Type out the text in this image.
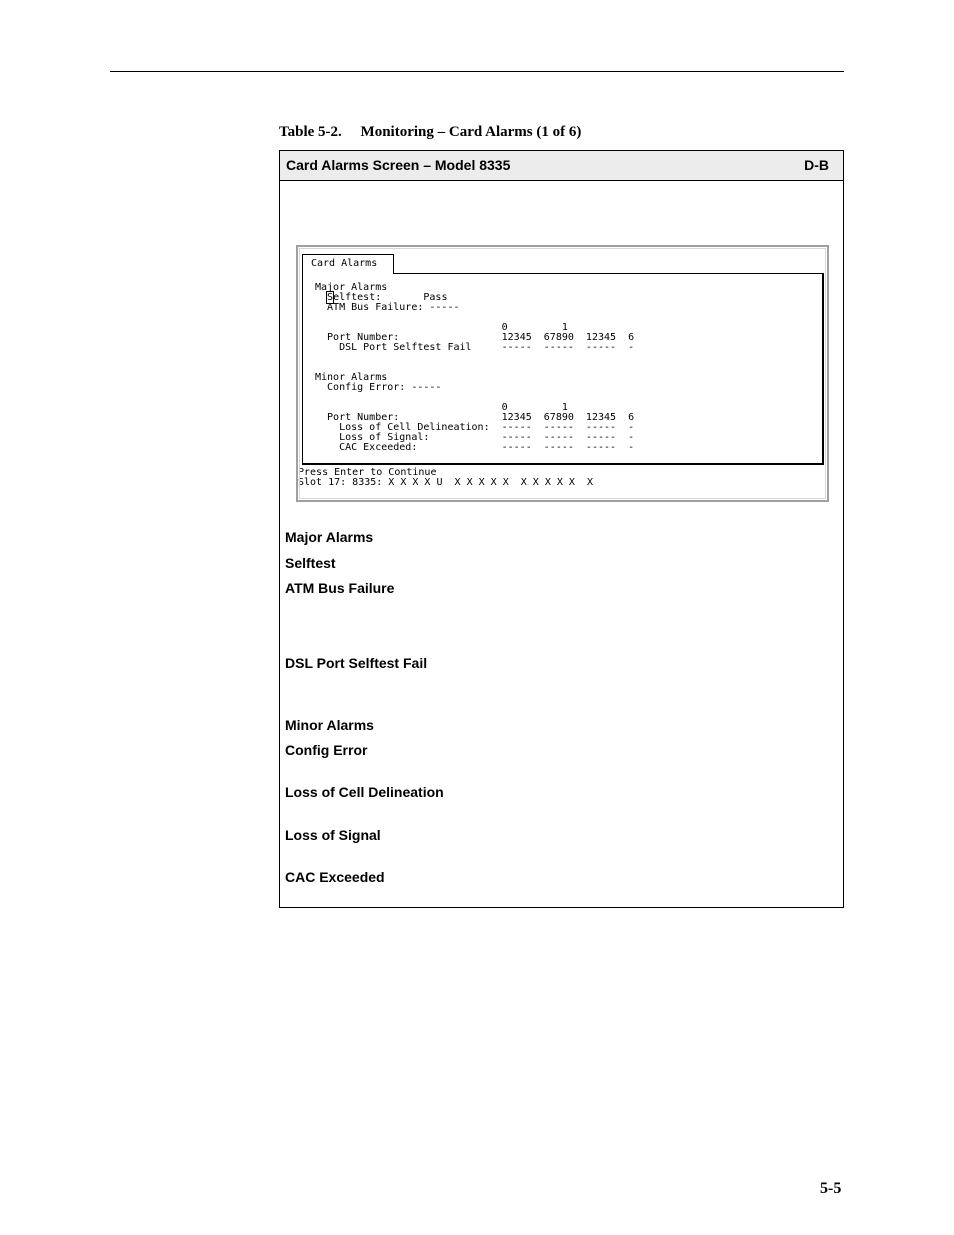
Table 5-2.     Monitoring – Card Alarms (1 of 6)
Card Alarms Screen – Model 8335	D-B

Card Alarms

Major Alarms
Selftest:       Pass
ATM Bus Failure: -----
0         1
Port Number:                 12345  67890  12345  6
DSL Port Selftest Fail     -----  -----  -----  -
Minor Alarms
Config Error: -----
0         1
Port Number:                 12345  67890  12345  6
Loss of Cell Delineation:  -----  -----  -----  -
Loss of Signal:            -----  -----  -----  -
CAC Exceeded:              -----  -----  -----  -
Press Enter to Continue
Slot 17: 8335: X X X X U  X X X X X  X X X X X  X
Major Alarms
Selftest
ATM Bus Failure
DSL Port Selftest Fail
Minor Alarms
Config Error
Loss of Cell Delineation
Loss of Signal
CAC Exceeded
5-5
